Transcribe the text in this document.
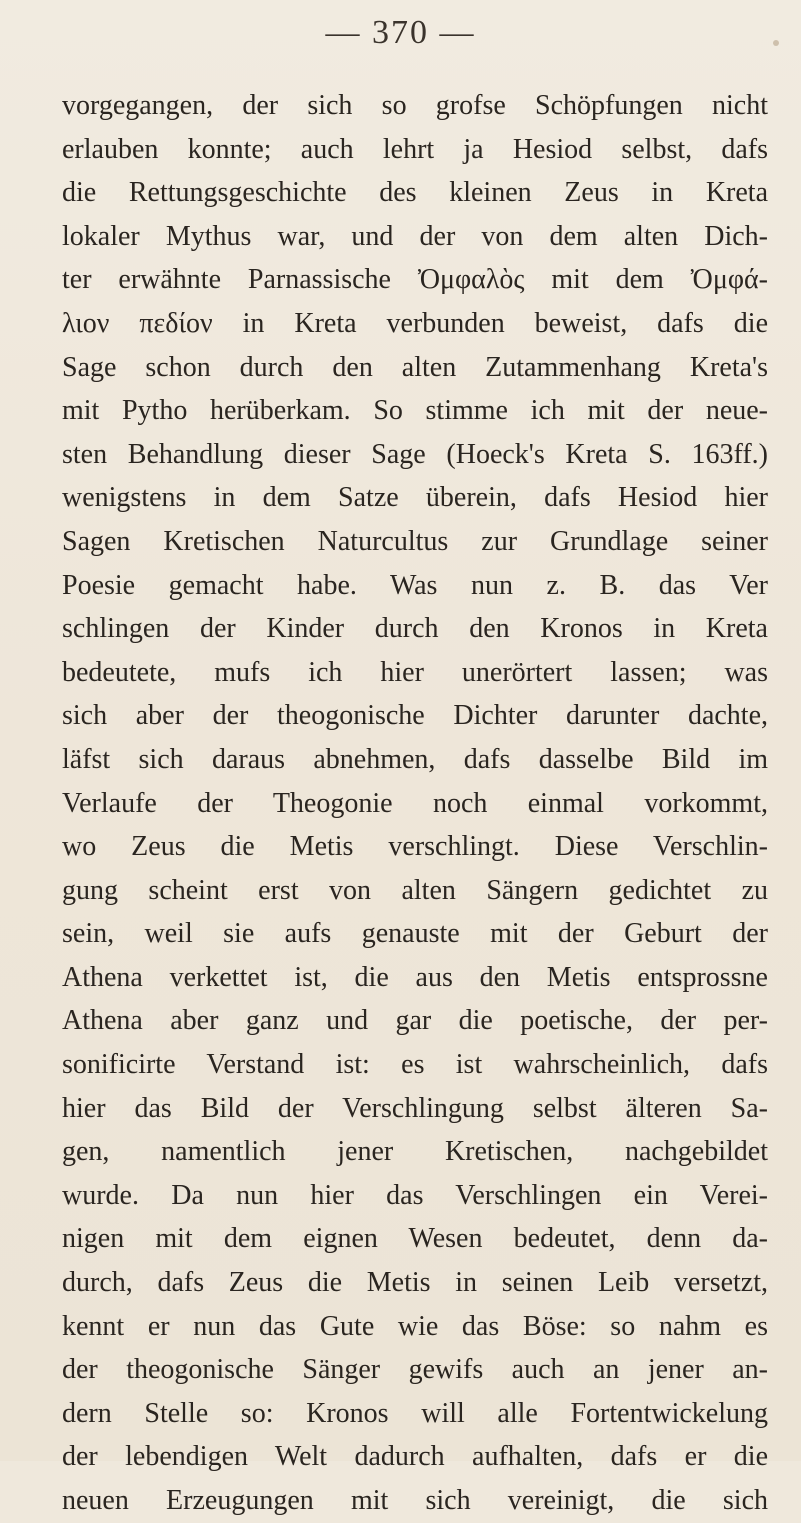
— 370 —
vorgegangen, der sich so grofse Schöpfungen nicht
erlauben konnte; auch lehrt ja Hesiod selbst, dafs
die Rettungsgeschichte des kleinen Zeus in Kreta
lokaler Mythus war, und der von dem alten Dich-
ter erwähnte Parnassische Ὀμφαλὸς mit dem Ὀμφά-
λιον πεδίον in Kreta verbunden beweist, dafs die
Sage schon durch den alten Zutammenhang Kreta's
mit Pytho herüberkam. So stimme ich mit der neue-
sten Behandlung dieser Sage (Hoeck's Kreta S. 163ff.)
wenigstens in dem Satze überein, dafs Hesiod hier
Sagen Kretischen Naturcultus zur Grundlage seiner
Poesie gemacht habe. Was nun z. B. das Ver
schlingen der Kinder durch den Kronos in Kreta
bedeutete, mufs ich hier unerörtert lassen; was
sich aber der theogonische Dichter darunter dachte,
läfst sich daraus abnehmen, dafs dasselbe Bild im
Verlaufe der Theogonie noch einmal vorkommt,
wo Zeus die Metis verschlingt. Diese Verschlin-
gung scheint erst von alten Sängern gedichtet zu
sein, weil sie aufs genauste mit der Geburt der
Athena verkettet ist, die aus den Metis entsprossne
Athena aber ganz und gar die poetische, der per-
sonificirte Verstand ist: es ist wahrscheinlich, dafs
hier das Bild der Verschlingung selbst älteren Sa-
gen, namentlich jener Kretischen, nachgebildet
wurde. Da nun hier das Verschlingen ein Verei-
nigen mit dem eignen Wesen bedeutet, denn da-
durch, dafs Zeus die Metis in seinen Leib versetzt,
kennt er nun das Gute wie das Böse: so nahm es
der theogonische Sänger gewifs auch an jener an-
dern Stelle so: Kronos will alle Fortentwickelung
der lebendigen Welt dadurch aufhalten, dafs er die
neuen Erzeugungen mit sich vereinigt, die sich
